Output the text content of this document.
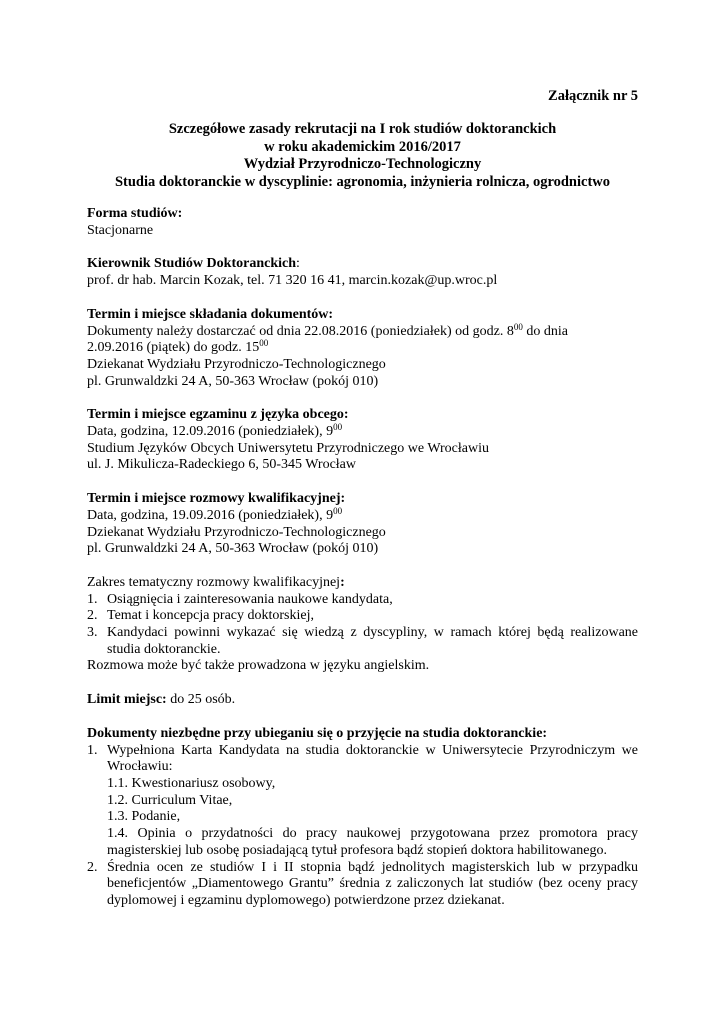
Załącznik nr 5
Szczegółowe zasady rekrutacji na I rok studiów doktoranckich
w roku akademickim 2016/2017
Wydział Przyrodniczo-Technologiczny
Studia doktoranckie w dyscyplinie: agronomia, inżynieria rolnicza, ogrodnictwo
Forma studiów:
Stacjonarne
Kierownik Studiów Doktoranckich:
prof. dr hab. Marcin Kozak, tel. 71 320 16 41, marcin.kozak@up.wroc.pl
Termin i miejsce składania dokumentów:
Dokumenty należy dostarczać od dnia 22.08.2016 (poniedziałek) od godz. $8^{00}$ do dnia
2.09.2016 (piątek) do godz. $15^{00}$
Dziekanat Wydziału Przyrodniczo-Technologicznego
pl. Grunwaldzki 24 A, 50-363 Wrocław (pokój 010)
Termin i miejsce egzaminu z języka obcego:
Data, godzina, 12.09.2016 (poniedziałek), $9^{00}$
Studium Języków Obcych Uniwersytetu Przyrodniczego we Wrocławiu
ul. J. Mikulicza-Radeckiego 6, 50-345 Wrocław
Termin i miejsce rozmowy kwalifikacyjnej:
Data, godzina, 19.09.2016 (poniedziałek), $9^{00}$
Dziekanat Wydziału Przyrodniczo-Technologicznego
pl. Grunwaldzki 24 A, 50-363 Wrocław (pokój 010)
Zakres tematyczny rozmowy kwalifikacyjnej:
1. Osiągnięcia i zainteresowania naukowe kandydata,
2. Temat i koncepcja pracy doktorskiej,
3. Kandydaci powinni wykazać się wiedzą z dyscypliny, w ramach której będą realizowane studia doktoranckie.
Rozmowa może być także prowadzona w języku angielskim.
Limit miejsc: do 25 osób.
Dokumenty niezbędne przy ubieganiu się o przyjęcie na studia doktoranckie:
1. Wypełniona Karta Kandydata na studia doktoranckie w Uniwersytecie Przyrodniczym we Wrocławiu:
1.1. Kwestionariusz osobowy,
1.2. Curriculum Vitae,
1.3. Podanie,
1.4. Opinia o przydatności do pracy naukowej przygotowana przez promotora pracy magisterskiej lub osobę posiadającą tytuł profesora bądź stopień doktora habilitowanego.
2. Średnia ocen ze studiów I i II stopnia bądź jednolitych magisterskich lub w przypadku beneficjentów „Diamentowego Grantu” średnia z zaliczonych lat studiów (bez oceny pracy dyplomowej i egzaminu dyplomowego) potwierdzone przez dziekanat.
